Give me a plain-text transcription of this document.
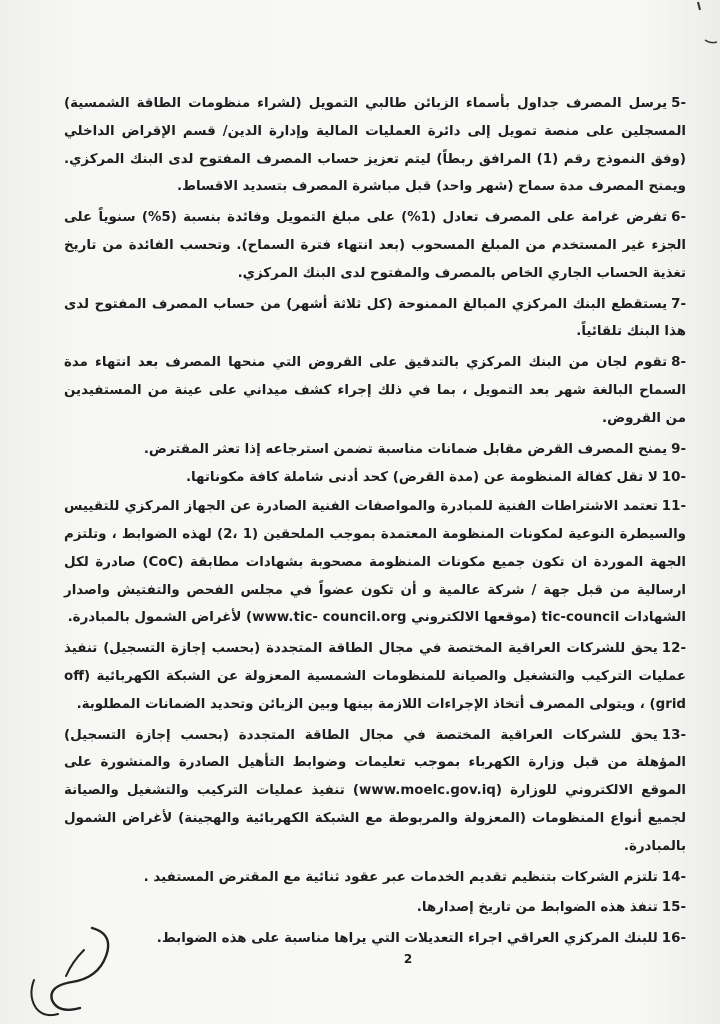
-5يرسل المصرف جداول بأسماء الزبائن طالبي التمويل (لشراء منظومات الطاقة الشمسية) المسجلين على منصة تمويل إلى دائرة العمليات المالية وإدارة الدين/ قسم الإقراض الداخلي (وفق النموذج رقم (1) المرافق ربطاً) ليتم تعزيز حساب المصرف المفتوح لدى البنك المركزي. ويمنح المصرف مدة سماح (شهر واحد) قبل مباشرة المصرف بتسديد الاقساط.
-6تفرض غرامة على المصرف تعادل (1%) على مبلغ التمويل وفائدة بنسبة (5%) سنوياً على الجزء غير المستخدم من المبلغ المسحوب (بعد انتهاء فترة السماح). وتحسب الفائدة من تاريخ تغذية الحساب الجاري الخاص بالمصرف والمفتوح لدى البنك المركزي.
-7يستقطع البنك المركزي المبالغ الممنوحة (كل ثلاثة أشهر) من حساب المصرف المفتوح لدى هذا البنك تلقائياً.
-8تقوم لجان من البنك المركزي بالتدقيق على القروض التي منحها المصرف بعد انتهاء مدة السماح البالغة شهر بعد التمويل ، بما في ذلك إجراء كشف ميداني على عينة من المستفيدين من القروض.
-9يمنح المصرف القرض مقابل ضمانات مناسبة تضمن استرجاعه إذا تعثر المقترض.
-10لا تقل كفالة المنظومة عن (مدة القرض) كحد أدنى شاملة كافة مكوناتها.
-11تعتمد الاشتراطات الفنية للمبادرة والمواصفات الفنية الصادرة عن الجهاز المركزي للتقييس والسيطرة النوعية لمكونات المنظومة المعتمدة بموجب الملحقين (1 ،2) لهذه الضوابط ، وتلتزم الجهة الموردة ان تكون جميع مكونات المنظومة مصحوبة بشهادات مطابقة (CoC) صادرة لكل ارسالية من قبل جهة / شركة عالمية و أن تكون عضواً في مجلس الفحص والتفتيش واصدار الشهادات tic-council (موقعها الالكتروني www.tic- council.org) لأغراض الشمول بالمبادرة.
-12يحق للشركات العراقية المختصة في مجال الطاقة المتجددة (بحسب إجازة التسجيل) تنفيذ عمليات التركيب والتشغيل والصيانة للمنظومات الشمسية المعزولة عن الشبكة الكهربائية (off grid) ، ويتولى المصرف أتخاذ الإجراءات اللازمة بينها وبين الزبائن وتحديد الضمانات المطلوبة.
-13يحق للشركات العراقية المختصة في مجال الطاقة المتجددة (بحسب إجازة التسجيل) المؤهلة من قبل وزارة الكهرباء بموجب تعليمات وضوابط التأهيل الصادرة والمنشورة على الموقع الالكتروني للوزارة (www.moelc.gov.iq) تنفيذ عمليات التركيب والتشغيل والصيانة لجميع أنواع المنظومات (المعزولة والمربوطة مع الشبكة الكهربائية والهجينة) لأغراض الشمول بالمبادرة.
-14تلتزم الشركات بتنظيم تقديم الخدمات عبر عقود ثنائية مع المقترض المستفيد .
-15تنفذ هذه الضوابط من تاريخ إصدارها.
-16للبنك المركزي العراقي اجراء التعديلات التي يراها مناسبة على هذه الضوابط.
2
